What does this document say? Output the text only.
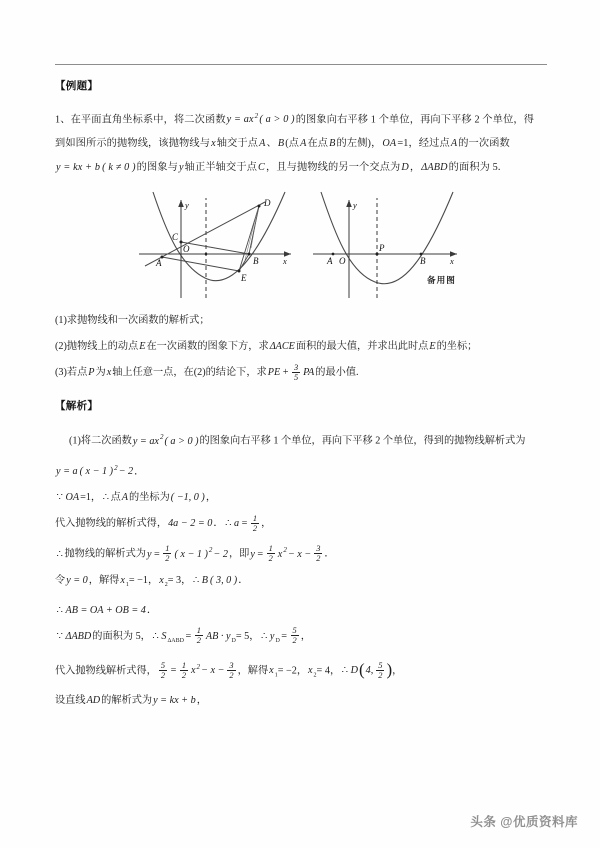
【例题】
1、在平面直角坐标系中，将二次函数$y = ax^2$( a > 0 )的图象向右平移 1 个单位，再向下平移 2 个单位，得
到如图所示的抛物线，该抛物线与x轴交于点A、B(点A在点B的左侧)，OA=1，经过点A的一次函数
y = kx + b ( k ≠ 0 )的图象与y轴正半轴交于点C，且与抛物线的另一个交点为D，ΔABD的面积为 5.
A	B
C
D
E
O
x
y
A O
P
B	x
y
备用图
(1)求抛物线和一次函数的解析式；
(2)抛物线上的动点E在一次函数的图象下方，求ΔACE面积的最大值，并求出此时点E的坐标；
(3)若点P为x轴上任意一点，在(2)的结论下，求PE + $\frac{3}{5}$ PA的最小值.
【解析】
(1)将二次函数$y = ax^2$( a > 0 )的图象向右平移 1 个单位，再向下平移 2 个单位，得到的抛物线解析式为
y = a ( x − 1 )$^2$− 2．
∵ OA=1， ∴ 点A的坐标为( −1, 0 )，
代入抛物线的解析式得，4a − 2 = 0． ∴ $a = \frac{1}{2}$ ，
∴ 抛物线的解析式为$y = \frac{1}{2}$ ( x − 1 )$^2$− 2，即$y = \frac{1}{2} x^2- x - \frac{3}{2}$ ．
令y = 0，解得$x_1= -1$，$x_2= 3$， ∴ B ( 3, 0 )．
∴ AB = OA + OB = 4．
∵ ΔABD的面积为 5， ∴ $S_{\Delta ABD} = \frac{1}{2}$ AB · $y_D= 5$， ∴ $y_D = \frac{5}{2}$ ，
代入抛物线解析式得， $\frac{5}{2} = \frac{1}{2} x^2- x - \frac{3}{2}$ ，解得$x_1= -2$，$x_2= 4$， ∴ D(4, $\frac{5}{2}$ )，
设直线AD的解析式为y = kx + b，
头条 @优质资料库
